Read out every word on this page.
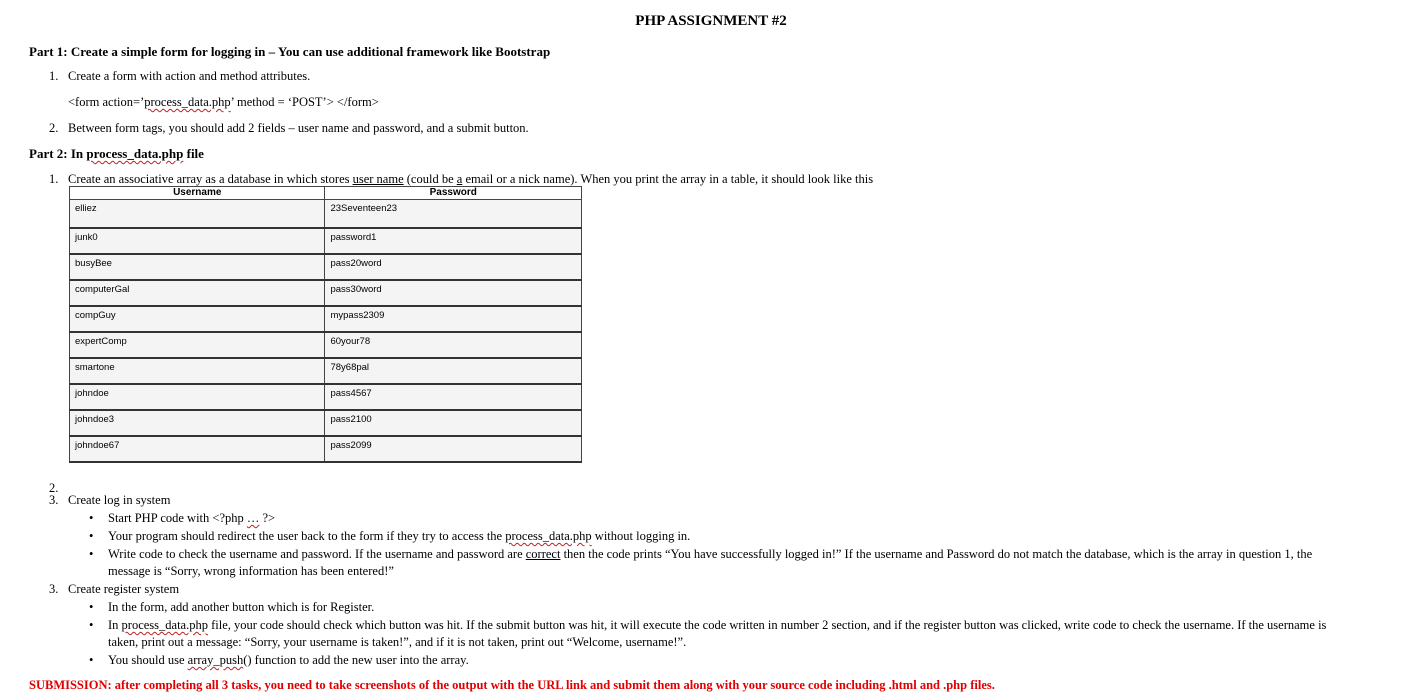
PHP ASSIGNMENT #2
Part 1: Create a simple form for logging in – You can use additional framework like Bootstrap
1. Create a form with action and method attributes.
<form action=’process_data.php’ method = ‘POST’> </form>
2. Between form tags, you should add 2 fields – user name and password, and a submit button.
Part 2: In process_data.php file
1. Create an associative array as a database in which stores user name (could be a email or a nick name). When you print the array in a table, it should look like this
Username	Password
elliez	23Seventeen23
junk0	password1
busyBee	pass20word
computerGal	pass30word
compGuy	mypass2309
expertComp	60your78
smartone	78y68pal
johndoe	pass4567
johndoe3	pass2100
johndoe67	pass2099
2.
3. Create log in system
• Start PHP code with <?php … ?>
• Your program should redirect the user back to the form if they try to access the process_data.php without logging in.
• Write code to check the username and password. If the username and password are correct then the code prints “You have successfully logged in!” If the username and Password do not match the database, which is the array in question 1, the
message is “Sorry, wrong information has been entered!”
3. Create register system
• In the form, add another button which is for Register.
• In process_data.php file, your code should check which button was hit. If the submit button was hit, it will execute the code written in number 2 section, and if the register button was clicked, write code to check the username. If the username is
taken, print out a message: “Sorry, your username is taken!”, and if it is not taken, print out “Welcome, username!”.
• You should use array_push() function to add the new user into the array.
SUBMISSION: after completing all 3 tasks, you need to take screenshots of the output with the URL link and submit them along with your source code including .html and .php files.
